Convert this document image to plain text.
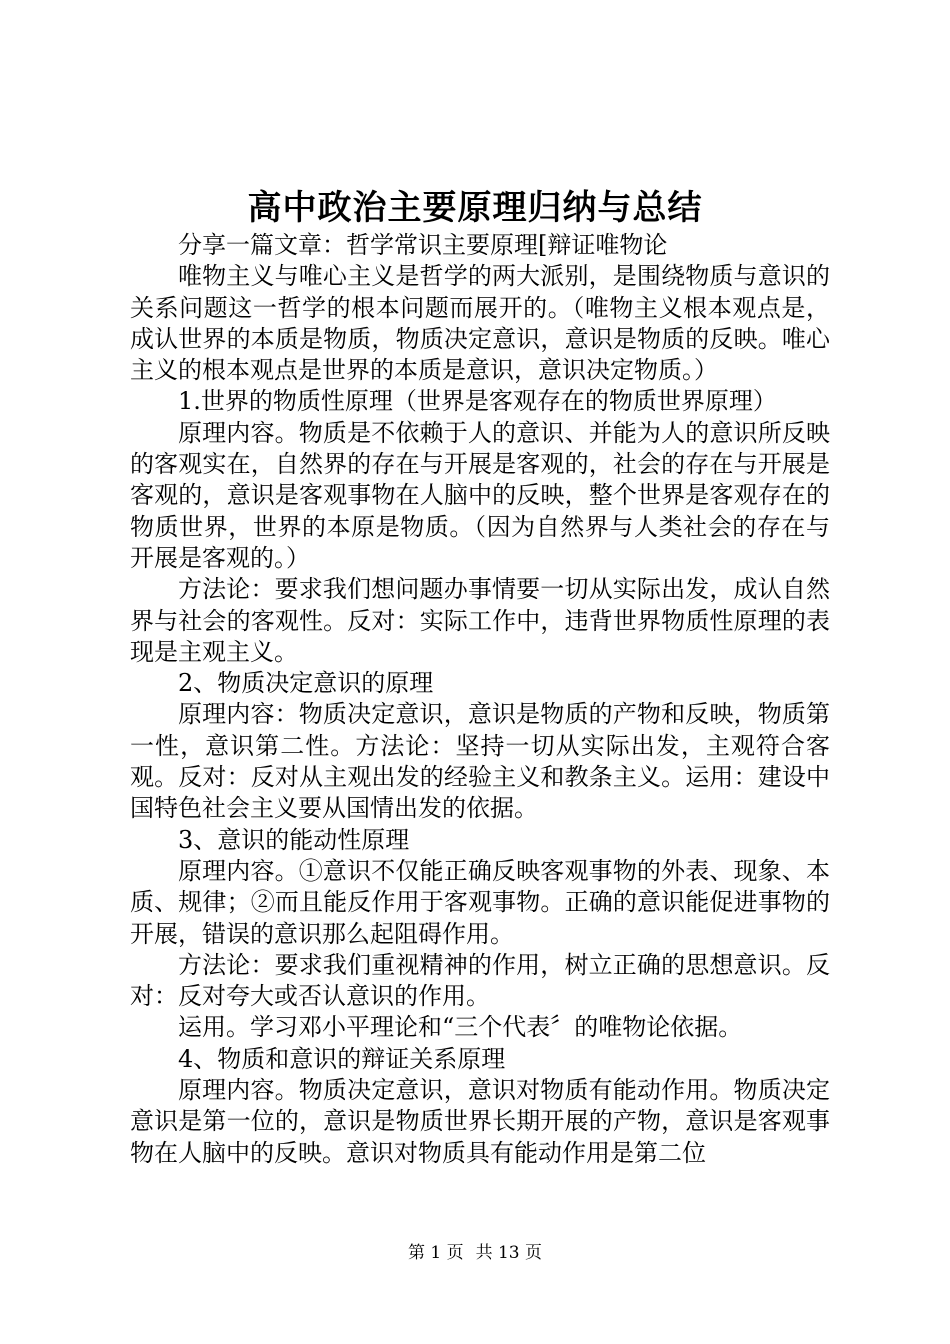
高中政治主要原理归纳与总结

分享一篇文章：哲学常识主要原理[辩证唯物论

唯物主义与唯心主义是哲学的两大派别，是围绕物质与意识的关系问题这一哲学的根本问题而展开的。（唯物主义根本观点是，成认世界的本质是物质，物质决定意识，意识是物质的反映。唯心主义的根本观点是世界的本质是意识，意识决定物质。）

1.世界的物质性原理（世界是客观存在的物质世界原理）

原理内容。物质是不依赖于人的意识、并能为人的意识所反映的客观实在，自然界的存在与开展是客观的，社会的存在与开展是客观的，意识是客观事物在人脑中的反映，整个世界是客观存在的物质世界，世界的本原是物质。（因为自然界与人类社会的存在与开展是客观的。）

方法论：要求我们想问题办事情要一切从实际出发，成认自然界与社会的客观性。反对：实际工作中，违背世界物质性原理的表现是主观主义。

2、物质决定意识的原理

原理内容：物质决定意识，意识是物质的产物和反映，物质第一性，意识第二性。方法论：坚持一切从实际出发，主观符合客观。反对：反对从主观出发的经验主义和教条主义。运用：建设中国特色社会主义要从国情出发的依据。

3、意识的能动性原理

原理内容。①意识不仅能正确反映客观事物的外表、现象、本质、规律；②而且能反作用于客观事物。正确的意识能促进事物的开展，错误的意识那么起阻碍作用。

方法论：要求我们重视精神的作用，树立正确的思想意识。反对：反对夸大或否认意识的作用。

运用。学习邓小平理论和“三个代表〞的唯物论依据。

4、物质和意识的辩证关系原理

原理内容。物质决定意识，意识对物质有能动作用。物质决定意识是第一位的，意识是物质世界长期开展的产物，意识是客观事物在人脑中的反映。意识对物质具有能动作用是第二位

第 1 页 共 13 页
